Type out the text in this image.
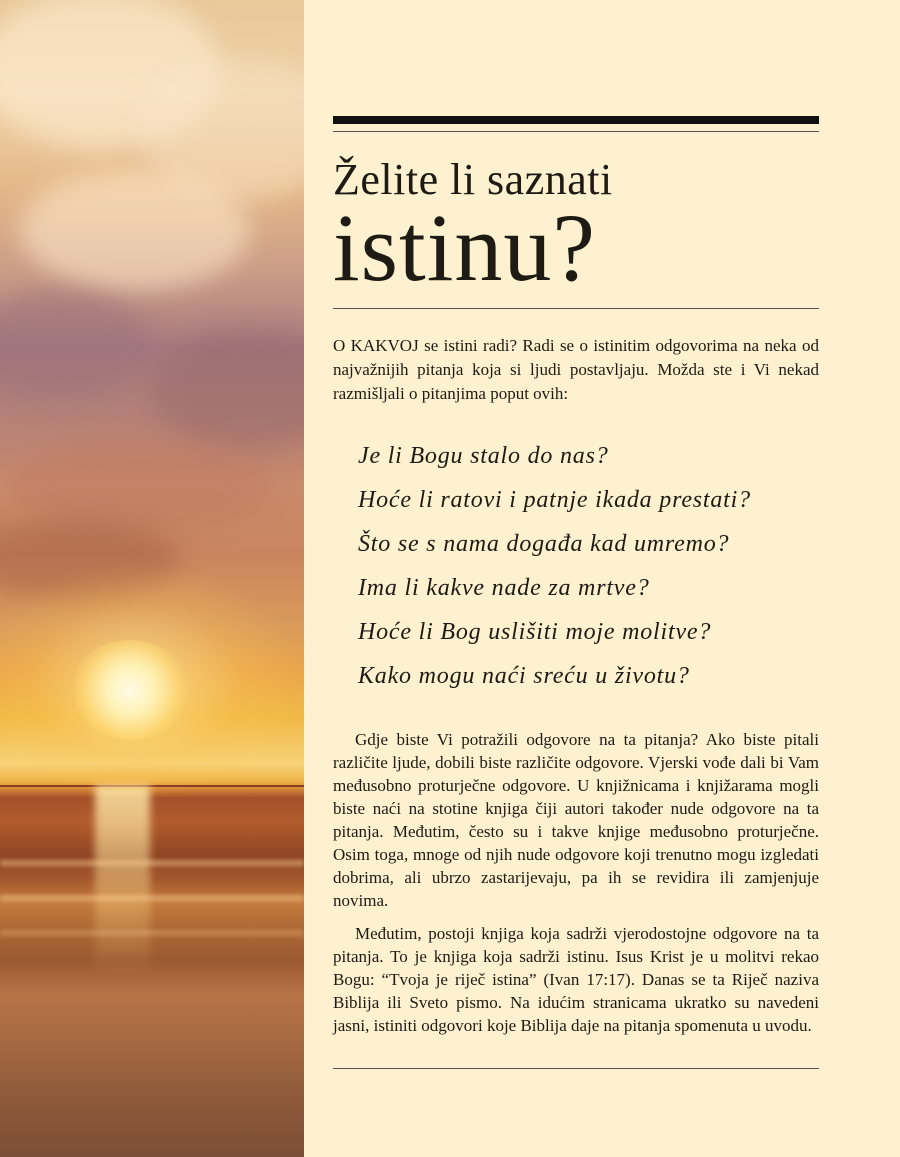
Želite li saznati
istinu?

O KAKVOJ se istini radi? Radi se o istinitim odgovorima na neka od najvažnijih pitanja koja si ljudi postavljaju. Možda ste i Vi nekad razmišljali o pitanjima poput ovih:

Je li Bogu stalo do nas?
Hoće li ratovi i patnje ikada prestati?
Što se s nama događa kad umremo?
Ima li kakve nade za mrtve?
Hoće li Bog uslišiti moje molitve?
Kako mogu naći sreću u životu?

Gdje biste Vi potražili odgovore na ta pitanja? Ako biste pitali različite ljude, dobili biste različite odgovore. Vjerski vođe dali bi Vam međusobno proturječne odgovore. U knjižnicama i knjižarama mogli biste naći na stotine knjiga čiji autori također nude odgovore na ta pitanja. Međutim, često su i takve knjige međusobno proturječne. Osim toga, mnoge od njih nude odgovore koji trenutno mogu izgledati dobrima, ali ubrzo zastarijevaju, pa ih se revidira ili zamjenjuje novima.

Međutim, postoji knjiga koja sadrži vjerodostojne odgovore na ta pitanja. To je knjiga koja sadrži istinu. Isus Krist je u molitvi rekao Bogu: “Tvoja je riječ istina” (Ivan 17:17). Danas se ta Riječ naziva Biblija ili Sveto pismo. Na idućim stranicama ukratko su navedeni jasni, istiniti odgovori koje Biblija daje na pitanja spomenuta u uvodu.
